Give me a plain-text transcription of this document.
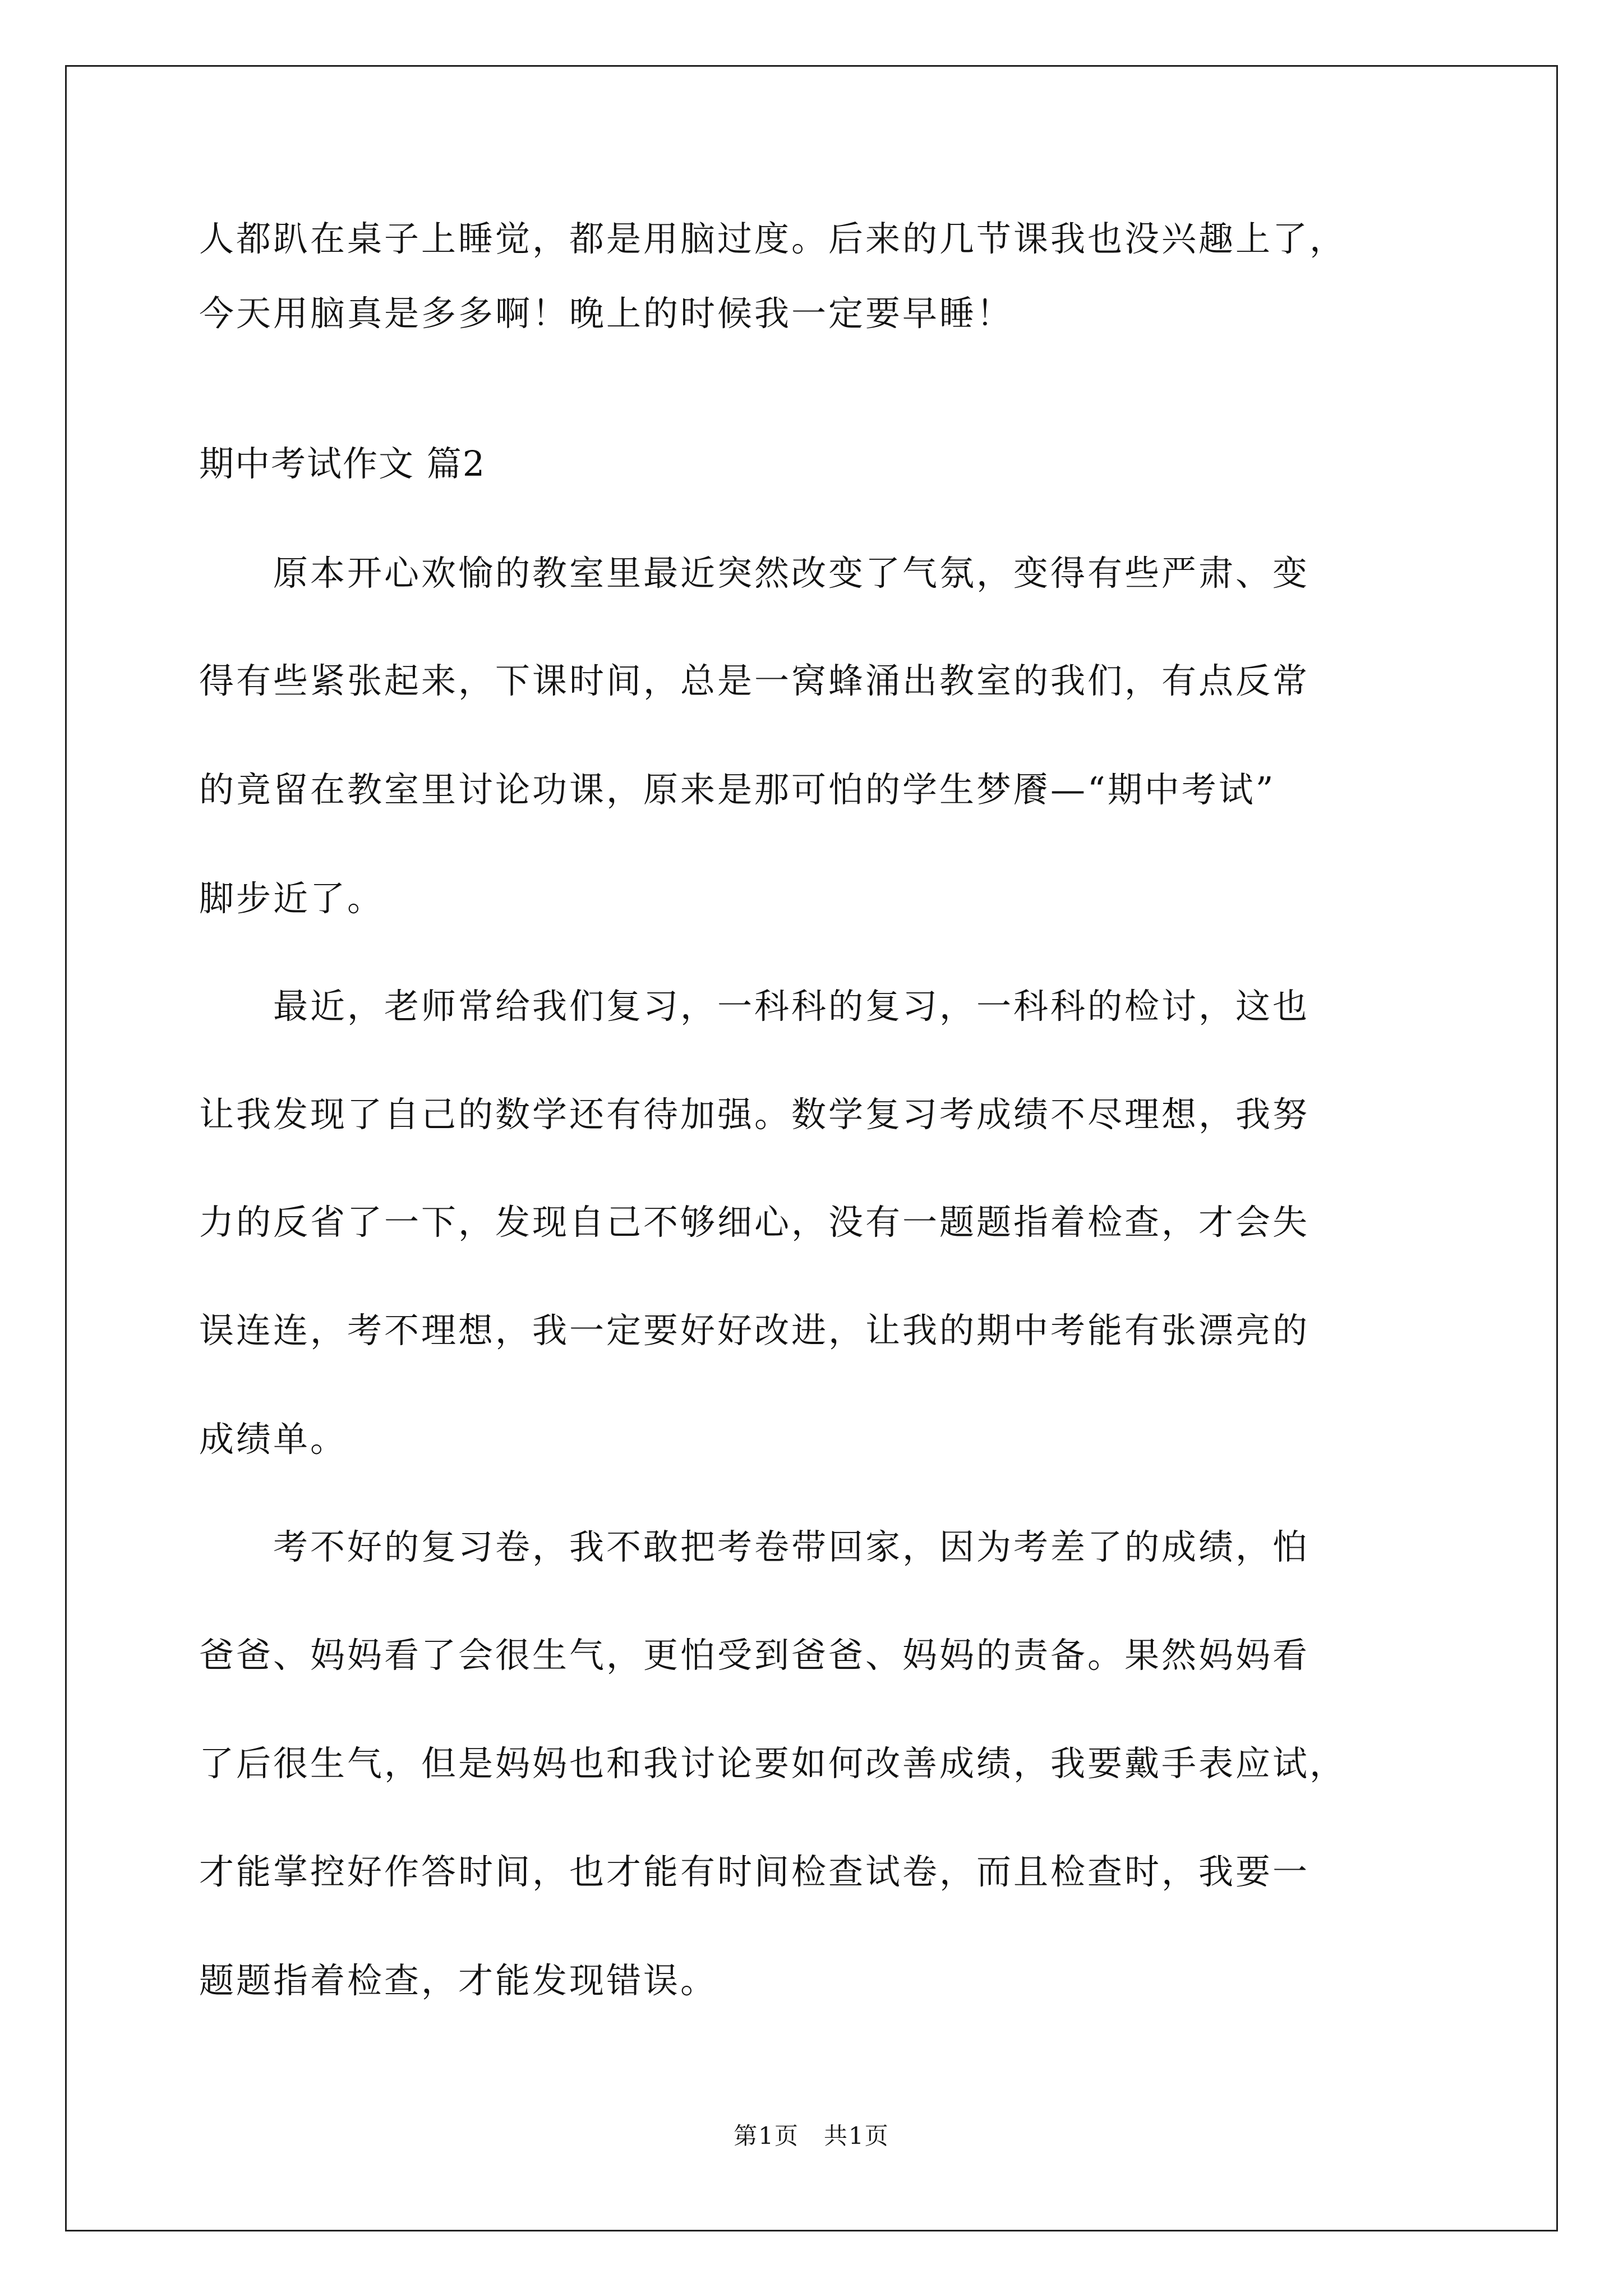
人都趴在桌子上睡觉，都是用脑过度。后来的几节课我也没兴趣上了，
今天用脑真是多多啊！晚上的时候我一定要早睡！
期中考试作文 篇2
　　原本开心欢愉的教室里最近突然改变了气氛，变得有些严肃、变
得有些紧张起来，下课时间，总是一窝蜂涌出教室的我们，有点反常
的竟留在教室里讨论功课，原来是那可怕的学生梦餍—“期中考试”
脚步近了。
　　最近，老师常给我们复习，一科科的复习，一科科的检讨，这也
让我发现了自己的数学还有待加强。数学复习考成绩不尽理想，我努
力的反省了一下，发现自己不够细心，没有一题题指着检查，才会失
误连连，考不理想，我一定要好好改进，让我的期中考能有张漂亮的
成绩单。
　　考不好的复习卷，我不敢把考卷带回家，因为考差了的成绩，怕
爸爸、妈妈看了会很生气，更怕受到爸爸、妈妈的责备。果然妈妈看
了后很生气，但是妈妈也和我讨论要如何改善成绩，我要戴手表应试，
才能掌控好作答时间，也才能有时间检查试卷，而且检查时，我要一
题题指着检查，才能发现错误。
第1页　共1页
